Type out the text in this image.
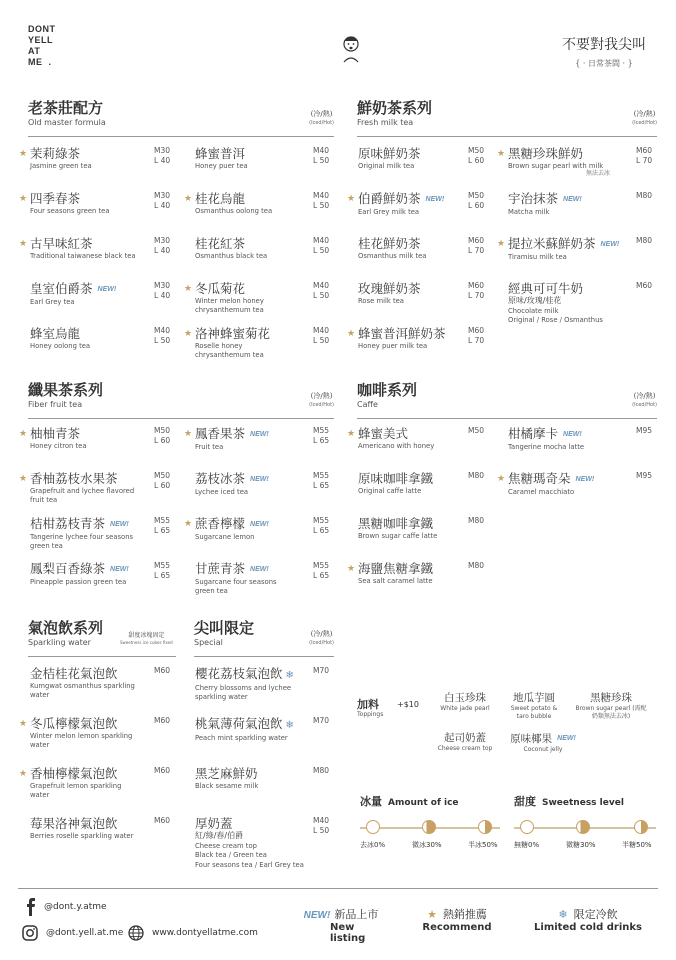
DONT
YELL
AT
ME .
不要對我尖叫
{ · 日常茶間 · }
老茶莊配方
Old master formula
(冷/熱)
(Iced/Hot)
鮮奶茶系列
Fresh milk tea
(冷/熱)
(Iced/Hot)
纖果茶系列
Fiber fruit tea
(冷/熱)
(Iced/Hot)
咖啡系列
Caffe
(冷/熱)
(Iced/Hot)
氣泡飲系列
Sparkling water
甜度冰塊固定
Sweetness ice cubes fixed
尖叫限定
Special
(冷/熱)
(Iced/Hot)
★ 茉莉綠茶
Jasmine green tea
M30
L 40
★ 四季春茶
Four seasons green tea
M30
L 40
★ 古早味紅茶
Traditional taiwanese black tea
M30
L 40
皇室伯爵茶 NEW!
Earl Grey tea
M30
L 40
蜂室烏龍
Honey oolong tea
M40
L 50
蜂蜜普洱
Honey puer tea
M40
L 50
★ 桂花烏龍
Osmanthus oolong tea
M40
L 50
桂花紅茶
Osmanthus black tea
M40
L 50
★ 冬瓜菊花
Winter melon honey chrysanthemum tea
M40
L 50
★ 洛神蜂蜜菊花
Roselle honey chrysanthemum tea
M40
L 50
原味鮮奶茶
Original milk tea
M50
L 60
★ 伯爵鮮奶茶 NEW!
Earl Grey milk tea
M50
L 60
桂花鮮奶茶
Osmanthus milk tea
M60
L 70
玫瑰鮮奶茶
Rose milk tea
M60
L 70
★ 蜂蜜普洱鮮奶茶
Honey puer milk tea
M60
L 70
★ 黑糖珍珠鮮奶
Brown sugar pearl with milk
無法去冰
M60
L 70
宇治抹茶 NEW!
Matcha milk
M80
★ 提拉米蘇鮮奶茶 NEW!
Tiramisu milk tea
M80
經典可可牛奶
原味/玫瑰/桂花
Chocolate milk
Original / Rose / Osmanthus
M60
★ 柚柚青茶
Honey citron tea
M50
L 60
★ 香柚荔枝水果茶
Grapefruit and lychee flavored fruit tea
M50
L 60
桔柑荔枝青茶 NEW!
Tangerine lychee four seasons green tea
M55
L 65
鳳梨百香綠茶 NEW!
Pineapple passion green tea
M55
L 65
★ 鳳香果茶 NEW!
Fruit tea
M55
L 65
荔枝冰茶 NEW!
Lychee iced tea
M55
L 65
★ 蔗香檸檬 NEW!
Sugarcane lemon
M55
L 65
甘蔗青茶 NEW!
Sugarcane four seasons green tea
M55
L 65
★ 蜂蜜美式
Americano with honey
M50
原味咖啡拿鐵
Original caffe latte
M80
黑糖咖啡拿鐵
Brown sugar caffe latte
M80
★ 海鹽焦糖拿鐵
Sea salt caramel latte
M80
柑橘摩卡 NEW!
Tangerine mocha latte
M95
★ 焦糖瑪奇朵 NEW!
Caramel macchiato
M95
金桔桂花氣泡飲
Kumgwat osmanthus sparkling water
M60
★ 冬瓜檸檬氣泡飲
Winter melon lemon sparkling water
M60
★ 香柚檸檬氣泡飲
Grapefruit lemon sparkling water
M60
莓果洛神氣泡飲
Berries roselle sparkling water
M60
櫻花荔枝氣泡飲 ❄
Cherry blossoms and lychee sparkling water
M70
桃氣薄荷氣泡飲 ❄
Peach mint sparkling water
M70
黑芝麻鮮奶
Black sesame milk
M80
厚奶蓋
紅/綠/春/伯爵
Cheese cream top
Black tea / Green tea
Four seasons tea / Earl Grey tea
M40
L 50
加料
Toppings
+$10
白玉珍珠
White jade pearl
地瓜芋圓
Sweet potato & taro bubble
黑糖珍珠
Brown sugar pearl (需配奶類無法去冰)
起司奶蓋
Cheese cream top
原味椰果 NEW!
Coconut jelly
冰量 Amount of ice
去冰0%	微冰30%	半冰50%
甜度 Sweetness level
無糖0%	微糖30%	半糖50%
@dont.y.atme
@dont.yell.at.me	www.dontyellatme.com
NEW! 新品上市
New listing
★ 熱銷推薦
Recommend
❄ 限定冷飲
Limited cold drinks
